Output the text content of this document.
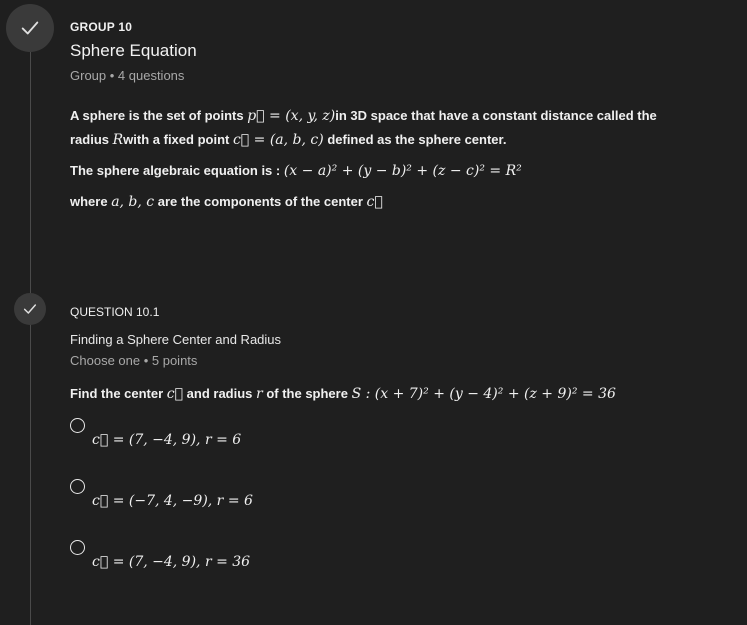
GROUP 10
Sphere Equation
Group • 4 questions
A sphere is the set of points p⃗ = (x, y, z)in 3D space that have a constant distance called the
radius Rwith a fixed point c⃗ = (a, b, c) defined as the sphere center.
The sphere algebraic equation is : (x − a)² + (y − b)² + (z − c)² = R²
where a, b, c are the components of the center c⃗
QUESTION 10.1
Finding a Sphere Center and Radius
Choose one • 5 points
Find the center c⃗ and radius r of the sphere S : (x + 7)² + (y − 4)² + (z + 9)² = 36
c⃗ = (7, −4, 9), r = 6
c⃗ = (−7, 4, −9), r = 6
c⃗ = (7, −4, 9), r = 36
